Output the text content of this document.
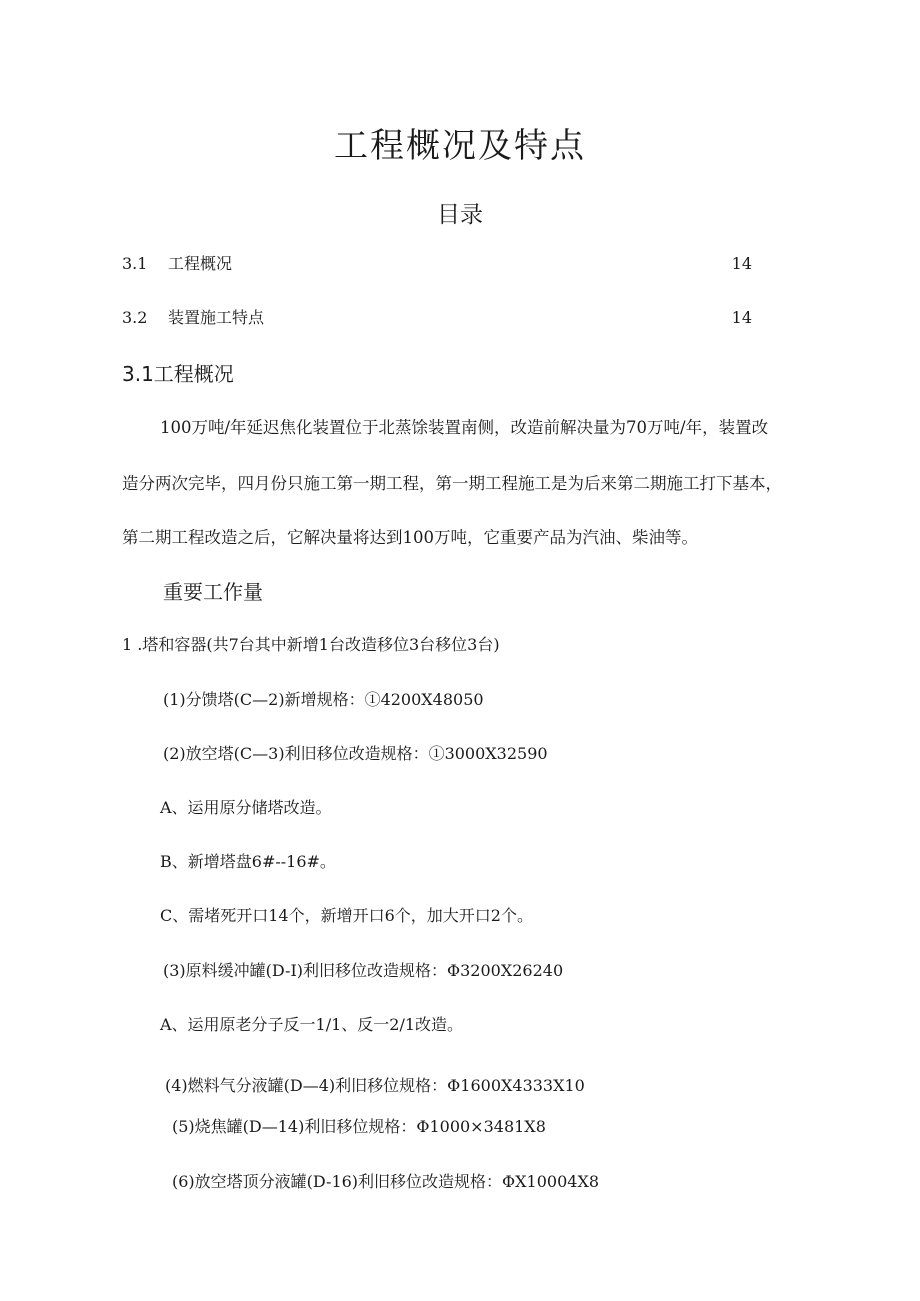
工程概况及特点
目录
3.1 工程概况	14
3.2 装置施工特点	14
3.1工程概况

100万吨/年延迟焦化装置位于北蒸馀装置南侧，改造前解决量为70万吨/年，装置改

造分两次完毕，四月份只施工第一期工程，第一期工程施工是为后来第二期施工打下基本，

第二期工程改造之后，它解决量将达到100万吨，它重要产品为汽油、柴油等。

重要工作量
1 .塔和容器(共7台其中新增1台改造移位3台移位3台)
(1)分馈塔(C—2)新增规格：①4200X48050
(2)放空塔(C—3)利旧移位改造规格：①3000X32590
A、运用原分储塔改造。
B、新增塔盘6#--16#。
C、需堵死开口14个，新增开口6个，加大开口2个。
(3)原料缓冲罐(D-I)利旧移位改造规格：Φ3200X26240
A、运用原老分子反一1/1、反一2/1改造。
(4)燃料气分液罐(D—4)利旧移位规格：Φ1600X4333X10
(5)烧焦罐(D—14)利旧移位规格：Φ1000×3481X8
(6)放空塔顶分液罐(D-16)利旧移位改造规格：ΦX10004X8
